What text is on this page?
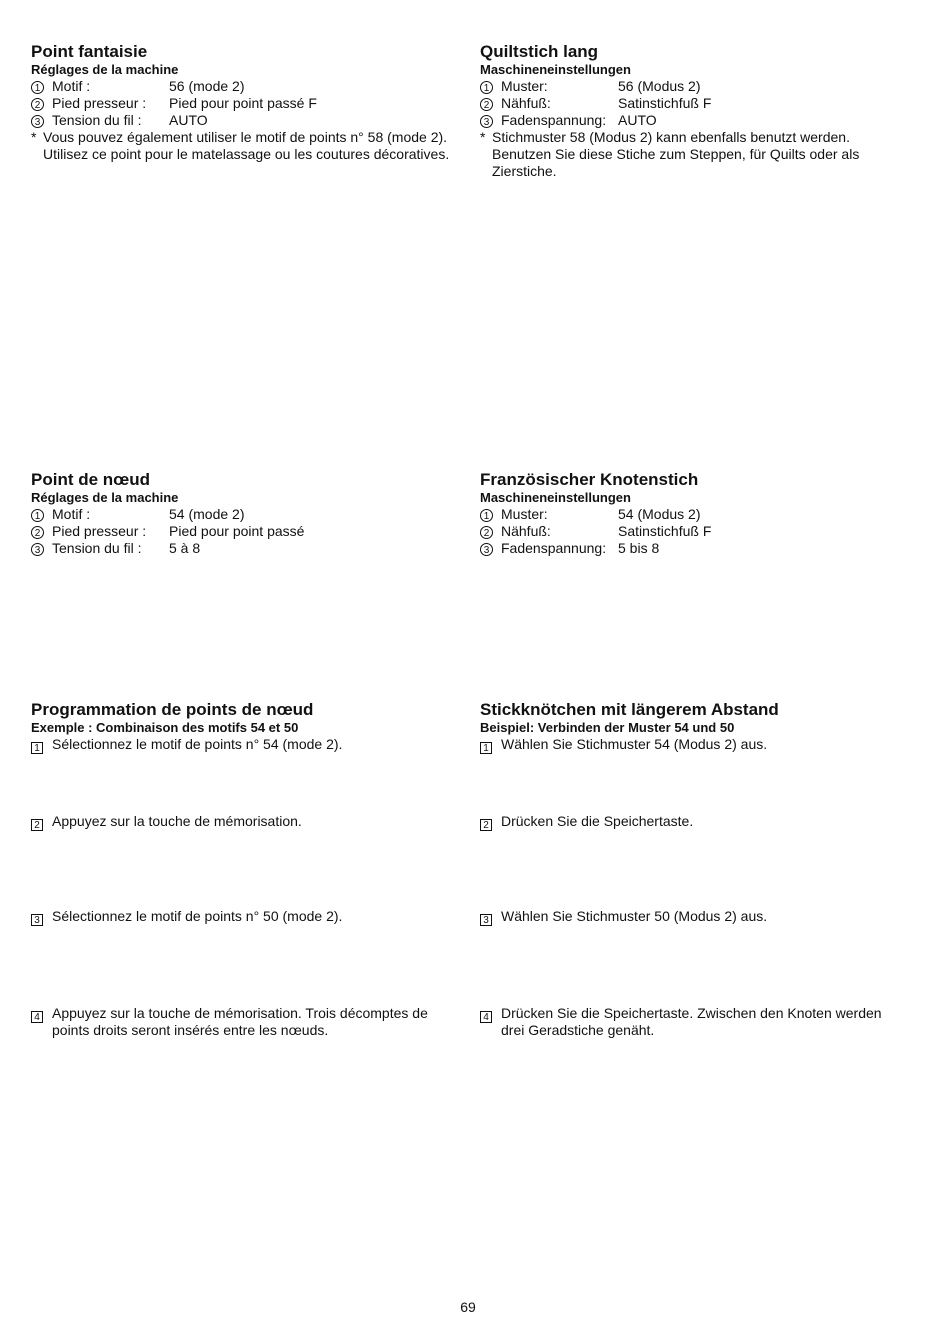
Point fantaisie
Réglages de la machine
1 Motif :	56 (mode 2)
2 Pied presseur :	Pied pour point passé F
3 Tension du fil :	AUTO
* Vous pouvez également utiliser le motif de points n° 58 (mode 2). Utilisez ce point pour le matelassage ou les coutures décoratives.
Quiltstich lang
Maschineneinstellungen
1 Muster:	56 (Modus 2)
2 Nähfuß:	Satinstichfuß F
3 Fadenspannung: AUTO
* Stichmuster 58 (Modus 2) kann ebenfalls benutzt werden. Benutzen Sie diese Stiche zum Steppen, für Quilts oder als Zierstiche.
Point de nœud
Réglages de la machine
1 Motif :	54 (mode 2)
2 Pied presseur :	Pied pour point passé
3 Tension du fil :	5 à 8
Französischer Knotenstich
Maschineneinstellungen
1 Muster:	54 (Modus 2)
2 Nähfuß:	Satinstichfuß F
3 Fadenspannung: 5 bis 8
Programmation de points de nœud
Exemple : Combinaison des motifs 54 et 50
Stickknötchen mit längerem Abstand
Beispiel: Verbinden der Muster 54 und 50
1 Sélectionnez le motif de points n° 54 (mode 2).
2 Appuyez sur la touche de mémorisation.
3 Sélectionnez le motif de points n° 50 (mode 2).
4 Appuyez sur la touche de mémorisation. Trois décomptes de points droits seront insérés entre les nœuds.
1 Wählen Sie Stichmuster 54 (Modus 2) aus.
2 Drücken Sie die Speichertaste.
3 Wählen Sie Stichmuster 50 (Modus 2) aus.
4 Drücken Sie die Speichertaste. Zwischen den Knoten werden drei Geradstiche genäht.
69
